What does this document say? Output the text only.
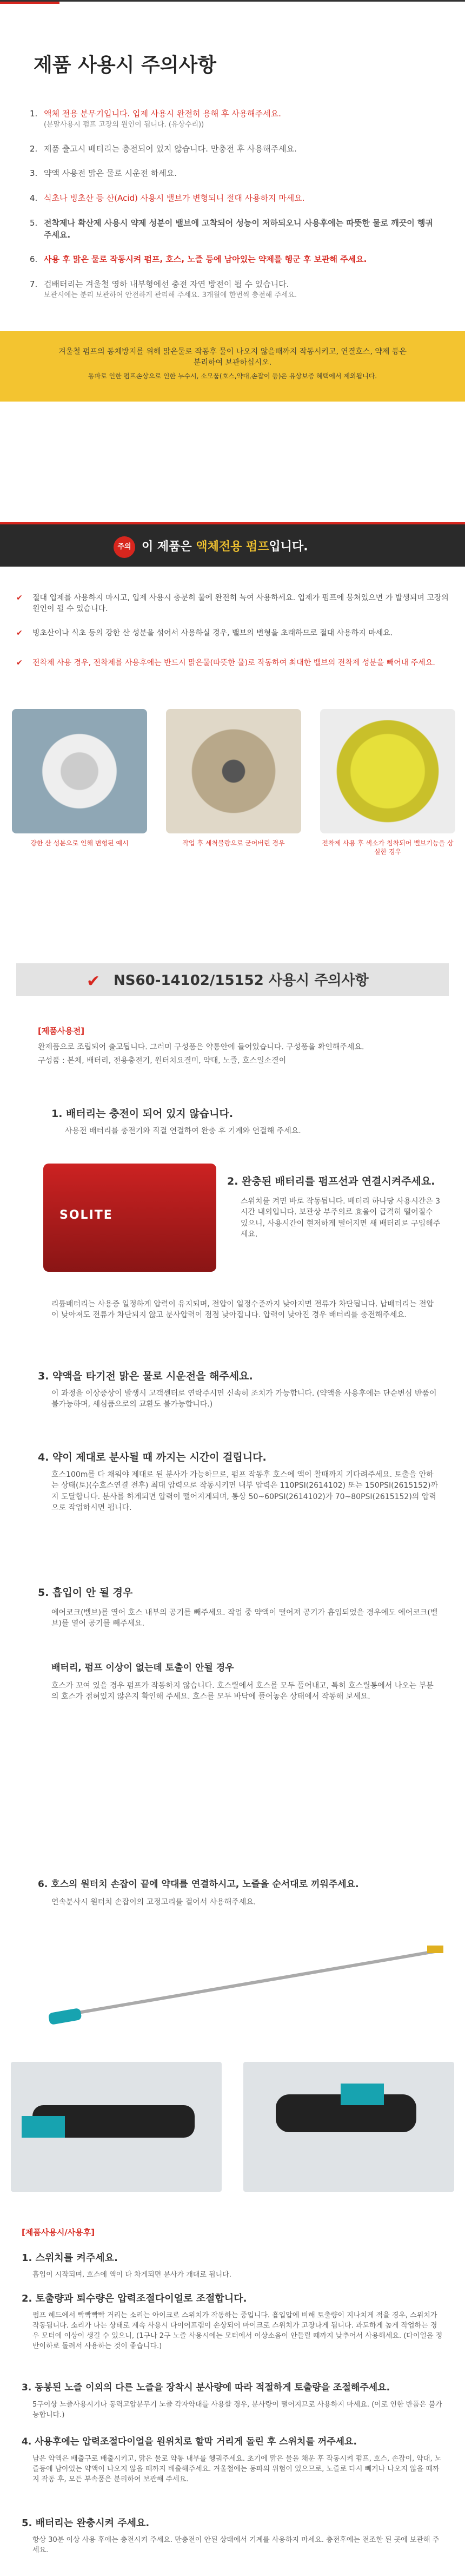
제품 사용시 주의사항
1. 액체 전용 분무기입니다. 입제 사용시 완전히 용해 후 사용해주세요.
(분말사용시 펌프 고장의 원인이 됩니다. (유상수리))
2. 제품 출고시 배터리는 충전되어 있지 않습니다. 만충전 후 사용해주세요.
3. 약액 사용전 맑은 물로 시운전 하세요.
4. 식초나 빙초산 등 산(Acid) 사용시 밸브가 변형되니 절대 사용하지 마세요.
5. 전착제나 확산제 사용시 약제 성분이 밸브에 고착되어 성능이 저하되오니 사용후에는 따뜻한 물로 깨끗이 헹궈주세요.
6. 사용 후 맑은 물로 작동시켜 펌프, 호스, 노즐 등에 남아있는 약제를 헹군 후 보관해 주세요.
7. 겁배터리는 겨울철 영하 내부형에선 충전 자연 방전이 될 수 있습니다.
보관시에는 분리 보관하여 안전하게 관리해 주세요. 3개월에 한번씩 충전해 주세요.

겨울철 펌프의 동체방지를 위해 맑은물로 작동후 물이 나오지 않을때까지 작동시키고, 연결호스, 약제 등은 분리하여 보관하십시오.

동파로 인한 펌프손상으로 인한 누수시, 소모품(호스,약대,손잡이 등)은 유상보증 혜택에서 제외됩니다.

주의 이 제품은 액체전용 펌프입니다.
✔	절대 입제를 사용하지 마시고, 입제 사용시 충분히 물에 완전히 녹여 사용하세요. 입제가 펌프에 뭉쳐있으면 가 발생되며 고장의 원인이 될 수 있습니다.

✔	빙초산이나 식초 등의 강한 산 성분을 섞어서 사용하실 경우, 밸브의 변형을 초래하므로 절대 사용하지 마세요.

✔	전착제 사용 경우, 전착제를 사용후에는 반드시 맑은물(따뜻한 물)로 작동하여 최대한 밸브의 전착제 성분을 빼어내 주세요.

강한 산 성분으로 인해 변형된 예시	작업 후 세척불량으로 굳어버린 경우	전착제 사용 후 색소가 침착되어 밸브기능을 상실한 경우
✔ NS60-14102/15152 사용시 주의사항
[제품사용전]
완제품으로 조립되어 출고됩니다. 그러미 구성품은 약통안에 들어있습니다. 구성품을 확인해주세요.
구성품 : 본체, 배터리, 전용충전기, 원터치요결미, 약대, 노즐, 호스일소결이
1. 배터리는 충전이 되어 있지 않습니다.
사용전 배터리를 충전기와 직결 연결하여 완충 후 기계와 연결해 주세요.
SOLITE
2. 완충된 배터리를 펌프선과 연결시켜주세요.
스위치를 켜면 바로 작동됩니다. 배터리 하나당 사용시간은 3시간 내외입니다. 보관상 부주의로 효율이 급격히 떨어질수 있으니, 사용시간이 현저하게 떨어지면 새 배터리로 구입해주세요.
리튬배터리는 사용중 일정하게 압력이 유지되며, 전압이 일정수준까지 낮아지면 전류가 차단됩니다. 납배터리는 전압이 낮아져도 전류가 차단되지 않고 분사압력이 점점 낮아집니다. 압력이 낮아진 경우 배터리를 충전해주세요.
3. 약액을 타기전 맑은 물로 시운전을 해주세요.
이 과정을 이상증상이 발생시 고객센터로 연락주시면 신속히 조치가 가능합니다. (약액을 사용후에는 단순변심 반품이 불가능하며, 세심품으로의 교환도 불가능합니다.)
4. 약이 제대로 분사될 때 까지는 시간이 걸립니다.
호스100m를 다 채워야 제대로 된 분사가 가능하므로, 펌프 작동후 호스에 액이 찰때까지 기다려주세요. 토출을 안하는 상태(토)(수호스연결 전후) 최대 압력으로 작동시키면 내부 압력은 110PSI(2614102) 또는 150PSI(2615152)까지 도달합니다. 분사를 하게되면 압력이 떨어지게되며, 통상 50~60PSI(2614102)가 70~80PSI(2615152)의 압력으로 작업하시면 됩니다.
5. 흡입이 안 될 경우
에어코크(벨브)를 열어 호스 내부의 공기를 빼주세요. 작업 중 약액이 떨어져 공기가 흡입되었을 경우에도 에어코크(벨브)를 열어 공기를 빼주세요.
배터리, 펌프 이상이 없는데 토출이 안될 경우
호스가 꼬여 있을 경우 펌프가 작동하지 않습니다. 호스릴에서 호스를 모두 풀어내고, 특히 호스릴통에서 나오는 부분의 호스가 접혀있지 않은지 확인해 주세요. 호스를 모두 바닥에 풀어놓은 상태에서 작동해 보세요.
6. 호스의 원터치 손잡이 끝에 약대를 연결하시고, 노즐을 순서대로 끼워주세요.
연속분사시 원터치 손잡이의 고정고리를 걸어서 사용해주세요.
[제품사용시/사용후]
1. 스위치를 켜주세요.
흡입이 시작되며, 호스에 액이 다 차게되면 분사가 개대로 됩니다.
2. 토출량과 퇴수량은 압력조절다이얼로 조절합니다.
펌프 헤드에서 빡빡빡빡 거리는 소리는 아이크로 스위치가 작동하는 중입니다. 흡입압에 비해 토출량이 지나치게 적을 경우, 스위치가 작동됩니다. 소리가 나는 상태로 계속 사용시 다이어프램이 손상되어 마이크로 스위치가 고장나게 됩니다. 과도하게 높게 작업하는 경우 모터에 이상이 생길 수 있으니, (1구나 2구 노즐 사용시에는 모터에서 이상소음이 안들릴 때까지 낮추어서 사용해세요. (다이얼을 정반이하로 돌려서 사용하는 것이 좋습니다.)
3. 동봉된 노즐 이외의 다른 노즐을 장착시 분사량에 따라 적절하게 토출량을 조절해주세요.
5구이상 노즐사용시기나 동력고압분무기 노즐 각자약대를 사용할 경우, 분사량이 떨어지므로 사용하지 마세요. (이로 인한 반품은 불가능합니다.)
4. 사용후에는 압력조절다이얼을 원위치로 할막 거리게 돌린 후 스위치를 꺼주세요.
남은 약액은 배출구로 배출시키고, 맑은 물로 약통 내부를 헹궈주세요. 초기에 맑은 물을 채운 후 작동시켜 펌프, 호스, 손잡이, 약대, 노즐등에 남아있는 약액이 나오지 않을 때까지 배출해주세요. 겨울철에는 동파의 위험이 있으므로, 노즐로 다시 빼거나 나오지 않을 때까지 작동 후, 모든 부속품은 분리하여 보관해 주세요.
5. 배터리는 완충시켜 주세요.
항상 30분 이상 사용 후에는 충전시켜 주세요. 만충전이 안된 상태에서 기계를 사용하지 마세요. 충전후에는 전조한 된 곳에 보관해 주세요.
